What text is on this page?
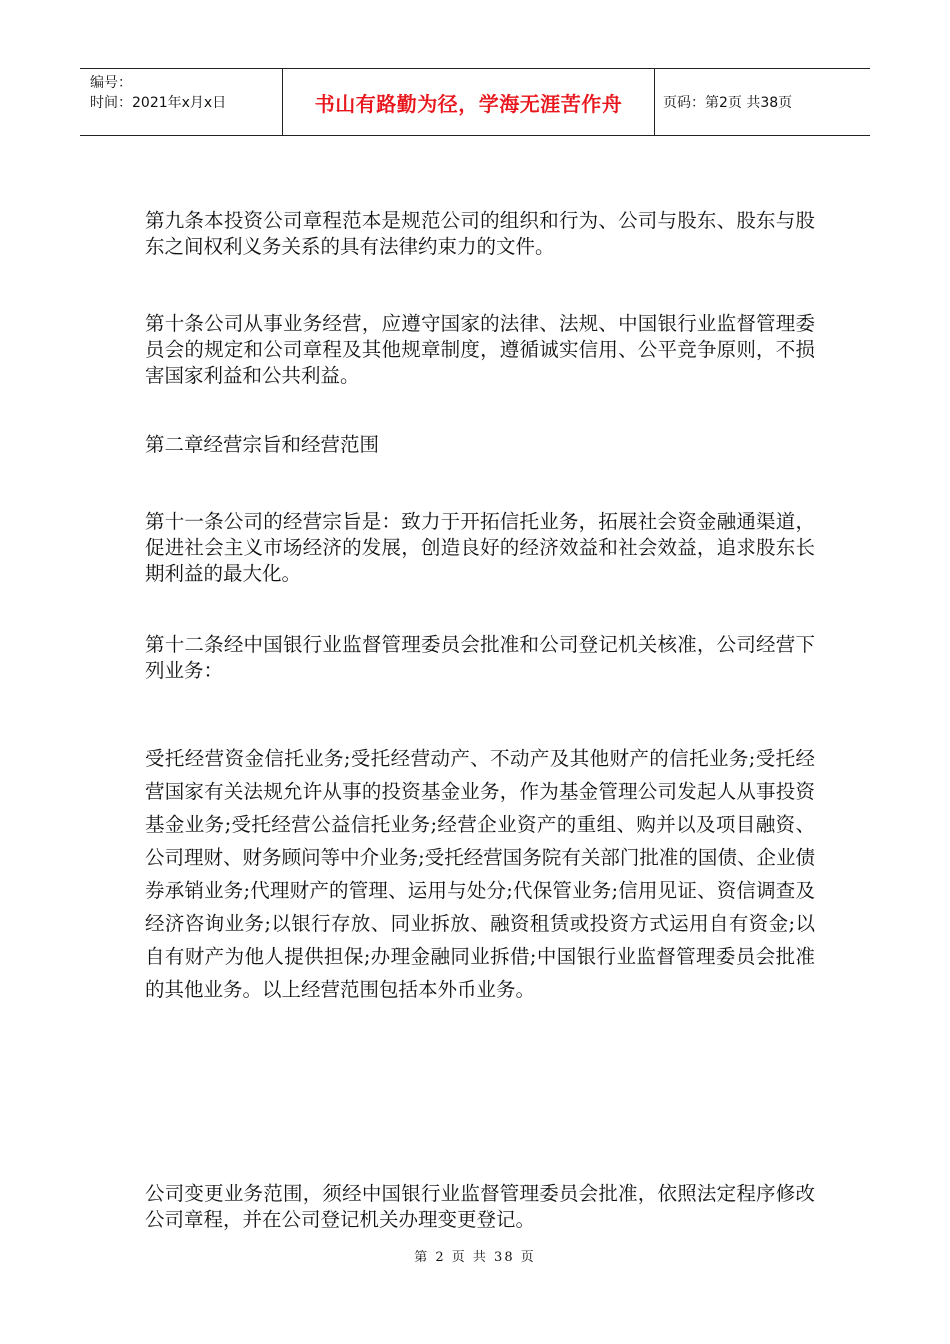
编号：
时间：2021年x月x日	书山有路勤为径，学海无涯苦作舟	页码：第2页 共38页

第九条本投资公司章程范本是规范公司的组织和行为、公司与股东、股东与股东之间权利义务关系的具有法律约束力的文件。

第十条公司从事业务经营，应遵守国家的法律、法规、中国银行业监督管理委员会的规定和公司章程及其他规章制度，遵循诚实信用、公平竞争原则，不损害国家利益和公共利益。

第二章经营宗旨和经营范围

第十一条公司的经营宗旨是：致力于开拓信托业务，拓展社会资金融通渠道，促进社会主义市场经济的发展，创造良好的经济效益和社会效益，追求股东长期利益的最大化。

第十二条经中国银行业监督管理委员会批准和公司登记机关核准，公司经营下列业务：

受托经营资金信托业务;受托经营动产、不动产及其他财产的信托业务;受托经营国家有关法规允许从事的投资基金业务，作为基金管理公司发起人从事投资基金业务;受托经营公益信托业务;经营企业资产的重组、购并以及项目融资、公司理财、财务顾问等中介业务;受托经营国务院有关部门批准的国债、企业债券承销业务;代理财产的管理、运用与处分;代保管业务;信用见证、资信调查及经济咨询业务;以银行存放、同业拆放、融资租赁或投资方式运用自有资金;以自有财产为他人提供担保;办理金融同业拆借;中国银行业监督管理委员会批准的其他业务。以上经营范围包括本外币业务。

公司变更业务范围，须经中国银行业监督管理委员会批准，依照法定程序修改公司章程，并在公司登记机关办理变更登记。

第 2 页 共 38 页
